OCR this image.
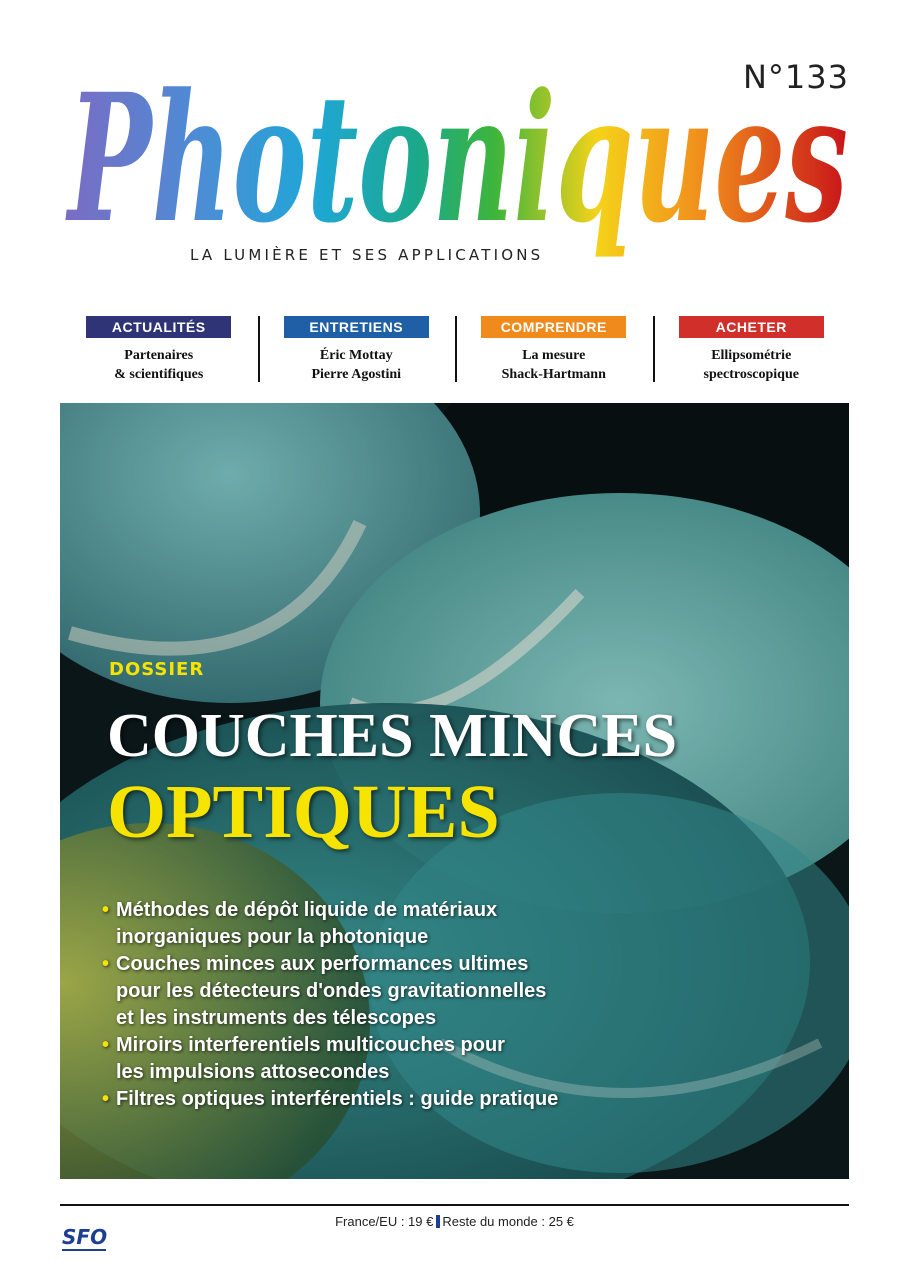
N°133
Photoniques
LA LUMIÈRE ET SES APPLICATIONS
ACTUALITÉS
Partenaires
& scientifiques
ENTRETIENS
Éric Mottay
Pierre Agostini
COMPRENDRE
La mesure
Shack-Hartmann
ACHETER
Ellipsométrie
spectroscopique
DOSSIER
COUCHES MINCES
OPTIQUES
• Méthodes de dépôt liquide de matériaux
inorganiques pour la photonique
• Couches minces aux performances ultimes
pour les détecteurs d'ondes gravitationnelles
et les instruments des télescopes
• Miroirs interferentiels multicouches pour
les impulsions attosecondes
• Filtres optiques interférentiels : guide pratique
SFO
France/EU : 19 € Reste du monde : 25 €
